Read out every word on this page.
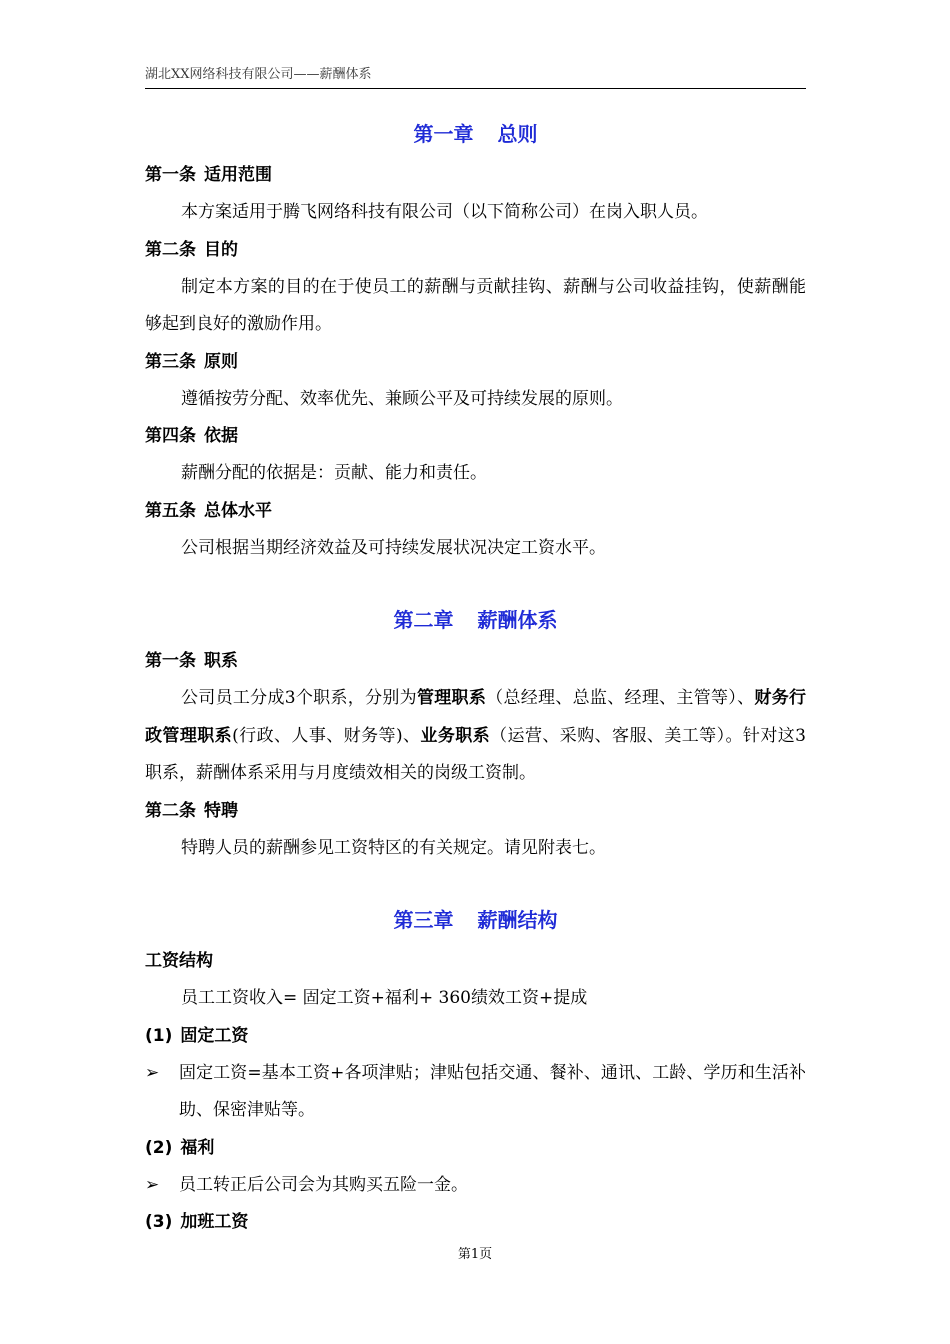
湖北XX网络科技有限公司——薪酬体系
第一章 总则
第一条 适用范围
本方案适用于腾飞网络科技有限公司（以下简称公司）在岗入职人员。
第二条 目的
制定本方案的目的在于使员工的薪酬与贡献挂钩、薪酬与公司收益挂钩，使薪酬能够起到良好的激励作用。
第三条 原则
遵循按劳分配、效率优先、兼顾公平及可持续发展的原则。
第四条 依据
薪酬分配的依据是：贡献、能力和责任。
第五条 总体水平
公司根据当期经济效益及可持续发展状况决定工资水平。
第二章 薪酬体系
第一条 职系
公司员工分成3个职系，分别为管理职系（总经理、总监、经理、主管等）、财务行政管理职系(行政、人事、财务等)、业务职系（运营、采购、客服、美工等）。针对这3职系，薪酬体系采用与月度绩效相关的岗级工资制。
第二条 特聘
特聘人员的薪酬参见工资特区的有关规定。请见附表七。
第三章 薪酬结构
工资结构
员工工资收入= 固定工资+福利+ 360绩效工资+提成
(1) 固定工资
➢	固定工资=基本工资+各项津贴；津贴包括交通、餐补、通讯、工龄、学历和生活补助、保密津贴等。
(2) 福利
➢	员工转正后公司会为其购买五险一金。
(3) 加班工资
第1页
